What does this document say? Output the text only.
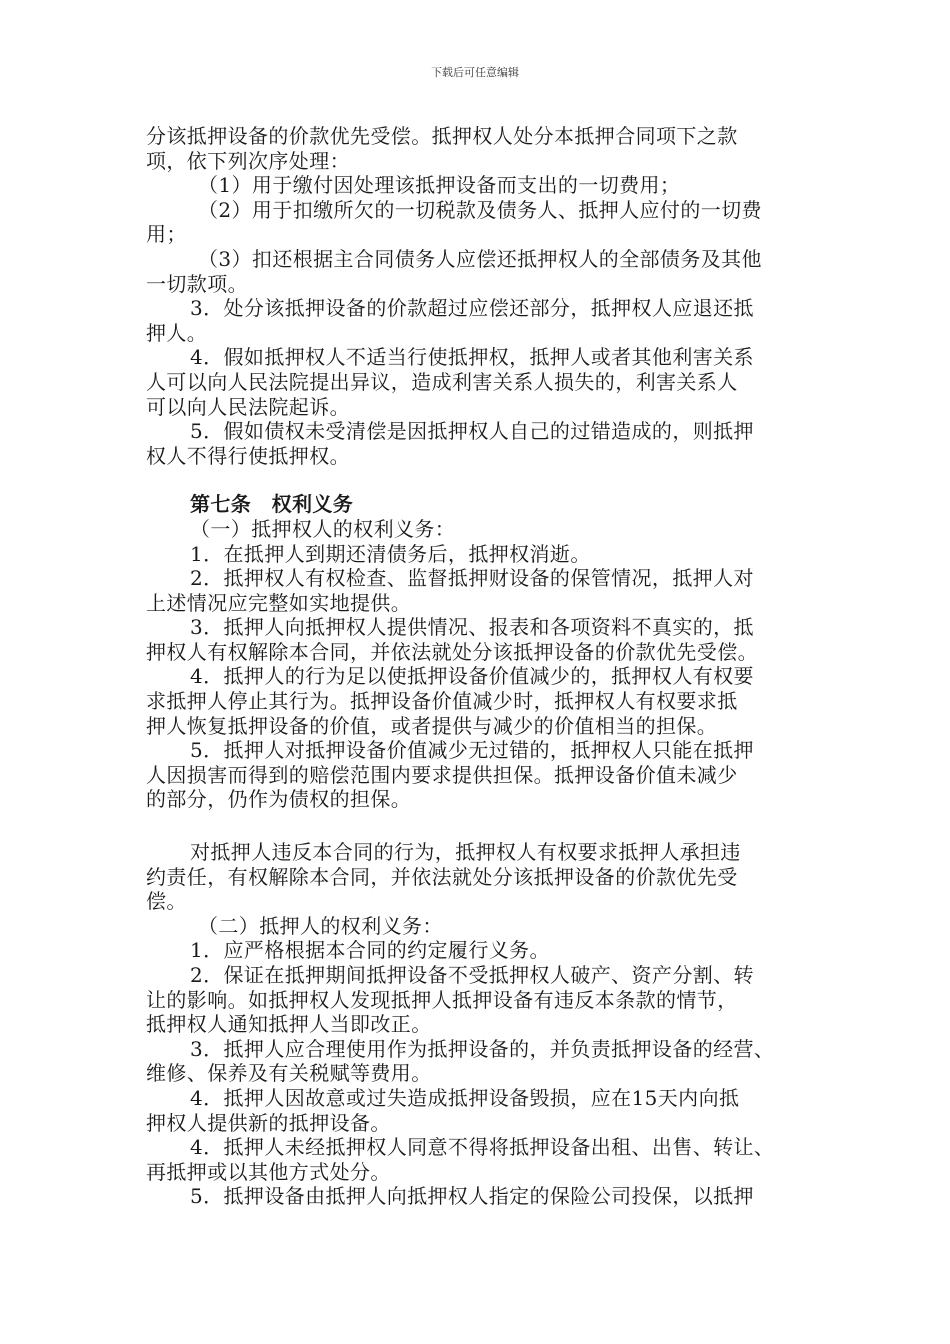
下载后可任意编辑
分该抵押设备的价款优先受偿。抵押权人处分本抵押合同项下之款
项，依下列次序处理：
（1）用于缴付因处理该抵押设备而支出的一切费用；
（2）用于扣缴所欠的一切税款及债务人、抵押人应付的一切费
用；
（3）扣还根据主合同债务人应偿还抵押权人的全部债务及其他
一切款项。
3．处分该抵押设备的价款超过应偿还部分，抵押权人应退还抵
押人。
4．假如抵押权人不适当行使抵押权，抵押人或者其他利害关系
人可以向人民法院提出异议，造成利害关系人损失的，利害关系人
可以向人民法院起诉。
5．假如债权未受清偿是因抵押权人自己的过错造成的，则抵押
权人不得行使抵押权。
第七条　权利义务
（一）抵押权人的权利义务：
1．在抵押人到期还清债务后，抵押权消逝。
2．抵押权人有权检查、监督抵押财设备的保管情况，抵押人对
上述情况应完整如实地提供。
3．抵押人向抵押权人提供情况、报表和各项资料不真实的，抵
押权人有权解除本合同，并依法就处分该抵押设备的价款优先受偿。
4．抵押人的行为足以使抵押设备价值减少的，抵押权人有权要
求抵押人停止其行为。抵押设备价值减少时，抵押权人有权要求抵
押人恢复抵押设备的价值，或者提供与减少的价值相当的担保。
5．抵押人对抵押设备价值减少无过错的，抵押权人只能在抵押
人因损害而得到的赔偿范围内要求提供担保。抵押设备价值未减少
的部分，仍作为债权的担保。
对抵押人违反本合同的行为，抵押权人有权要求抵押人承担违
约责任，有权解除本合同，并依法就处分该抵押设备的价款优先受
偿。
（二）抵押人的权利义务：
1．应严格根据本合同的约定履行义务。
2．保证在抵押期间抵押设备不受抵押权人破产、资产分割、转
让的影响。如抵押权人发现抵押人抵押设备有违反本条款的情节，
抵押权人通知抵押人当即改正。
3．抵押人应合理使用作为抵押设备的，并负责抵押设备的经营、
维修、保养及有关税赋等费用。
4．抵押人因故意或过失造成抵押设备毁损，应在15天内向抵
押权人提供新的抵押设备。
4．抵押人未经抵押权人同意不得将抵押设备出租、出售、转让、
再抵押或以其他方式处分。
5．抵押设备由抵押人向抵押权人指定的保险公司投保，以抵押
